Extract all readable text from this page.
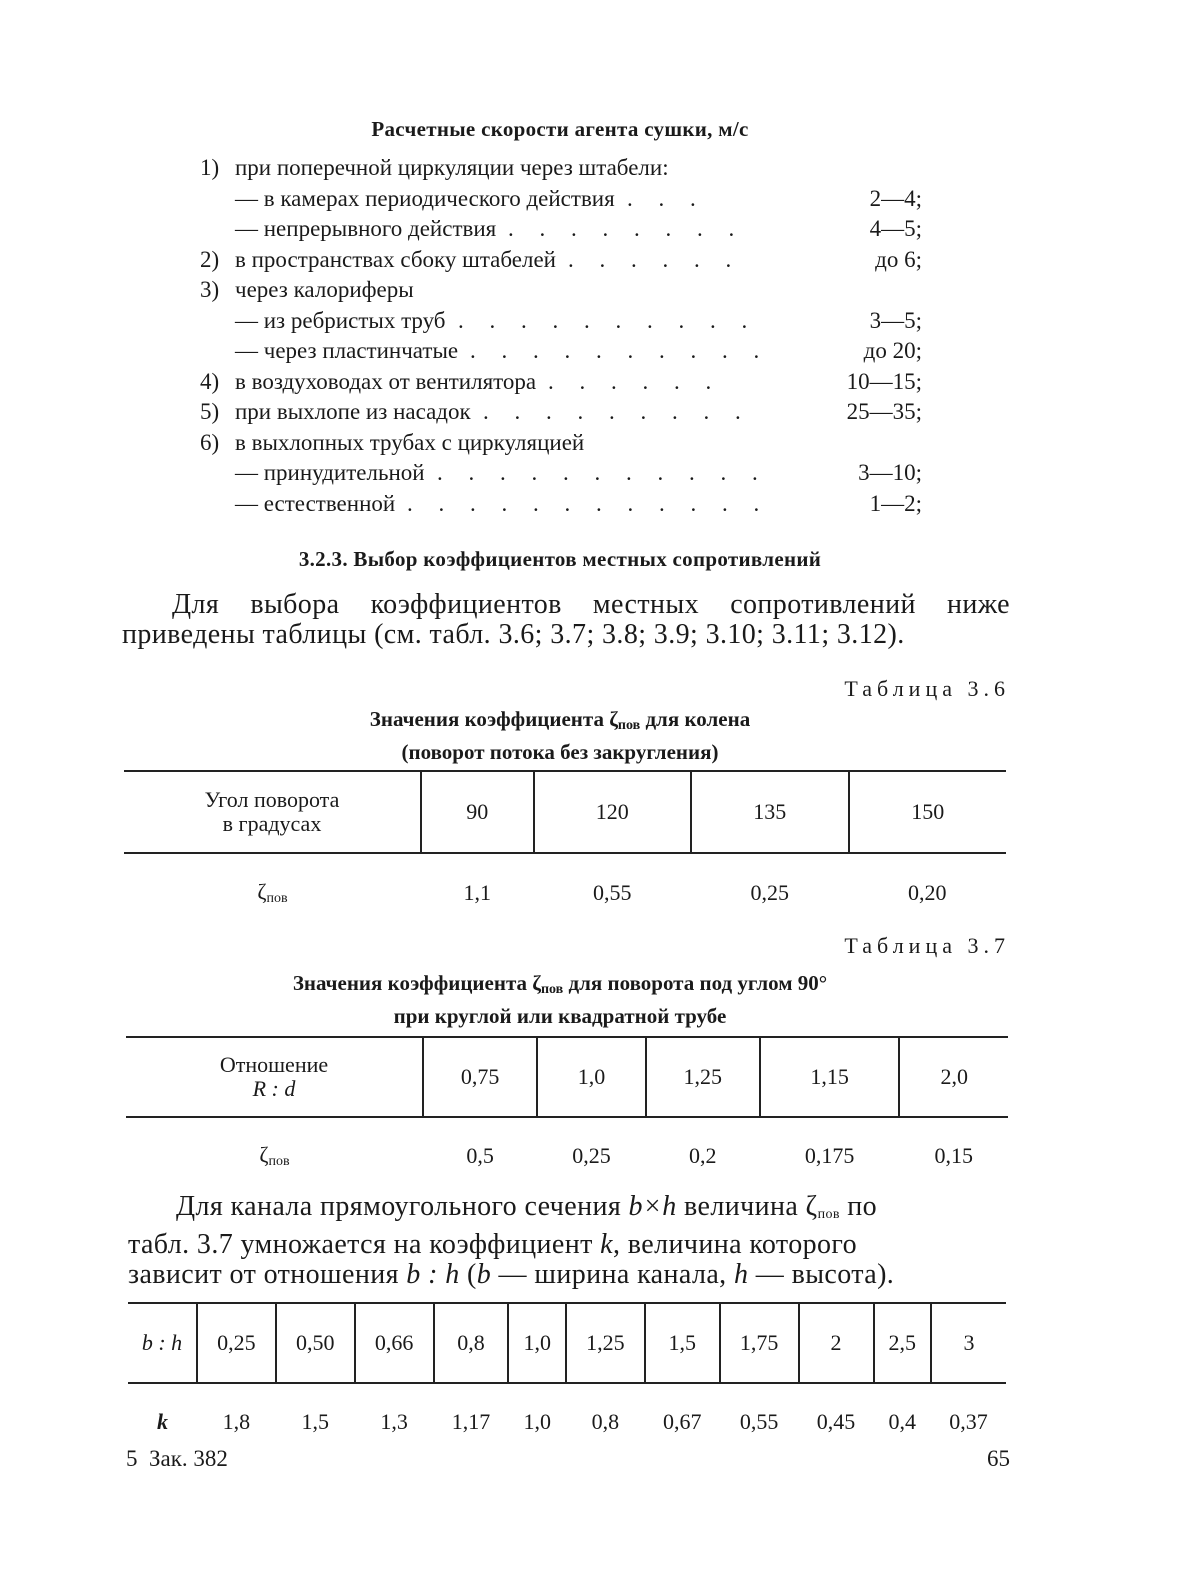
Расчетные скорости агента сушки, м/с
1) при поперечной циркуляции через штабели:
— в камерах периодического действия . . .	2—4;
— непрерывного действия . . . . . . . .	4—5;
2) в пространствах сбоку штабелей . . . . . .	до 6;
3) через калориферы
— из ребристых труб . . . . . . . . . .	3—5;
— через пластинчатые . . . . . . . . . .	до 20;
4) в воздуховодах от вентилятора . . . . . .	10—15;
5) при выхлопе из насадок . . . . . . . . .	25—35;
6) в выхлопных трубах с циркуляцией
— принудительной . . . . . . . . . . .	3—10;
— естественной . . . . . . . . . . . .	1—2;
3.2.3. Выбор коэффициентов местных сопротивлений
Для выбора коэффициентов местных сопротивлений ниже приведены таблицы (см. табл. 3.6; 3.7; 3.8; 3.9; 3.10; 3.11; 3.12).
Таблица 3.6
Значения коэффициента $\zeta_{пов}$ для колена
(поворот потока без закругления)
Угол поворота
в градусах	90	120	135	150
$\zeta_{пов}$	1,1	0,55	0,25	0,20
Таблица 3.7
Значения коэффициента $\zeta_{пов}$ для поворота под углом 90°
при круглой или квадратной трубе
Отношение
R : d	0,75	1,0	1,25	1,15	2,0
$\zeta_{пов}$	0,5	0,25	0,2	0,175	0,15
Для канала прямоугольного сечения b×h величина $\zeta_{пов}$ по
табл. 3.7 умножается на коэффициент k, величина которого
зависит от отношения b : h (b — ширина канала, h — высота).
b : h	0,25	0,50	0,66	0,8	1,0	1,25	1,5	1,75	2	2,5	3
k	1,8	1,5	1,3	1,17	1,0	0,8	0,67	0,55	0,45	0,4	0,37
5  Зак. 382	65
